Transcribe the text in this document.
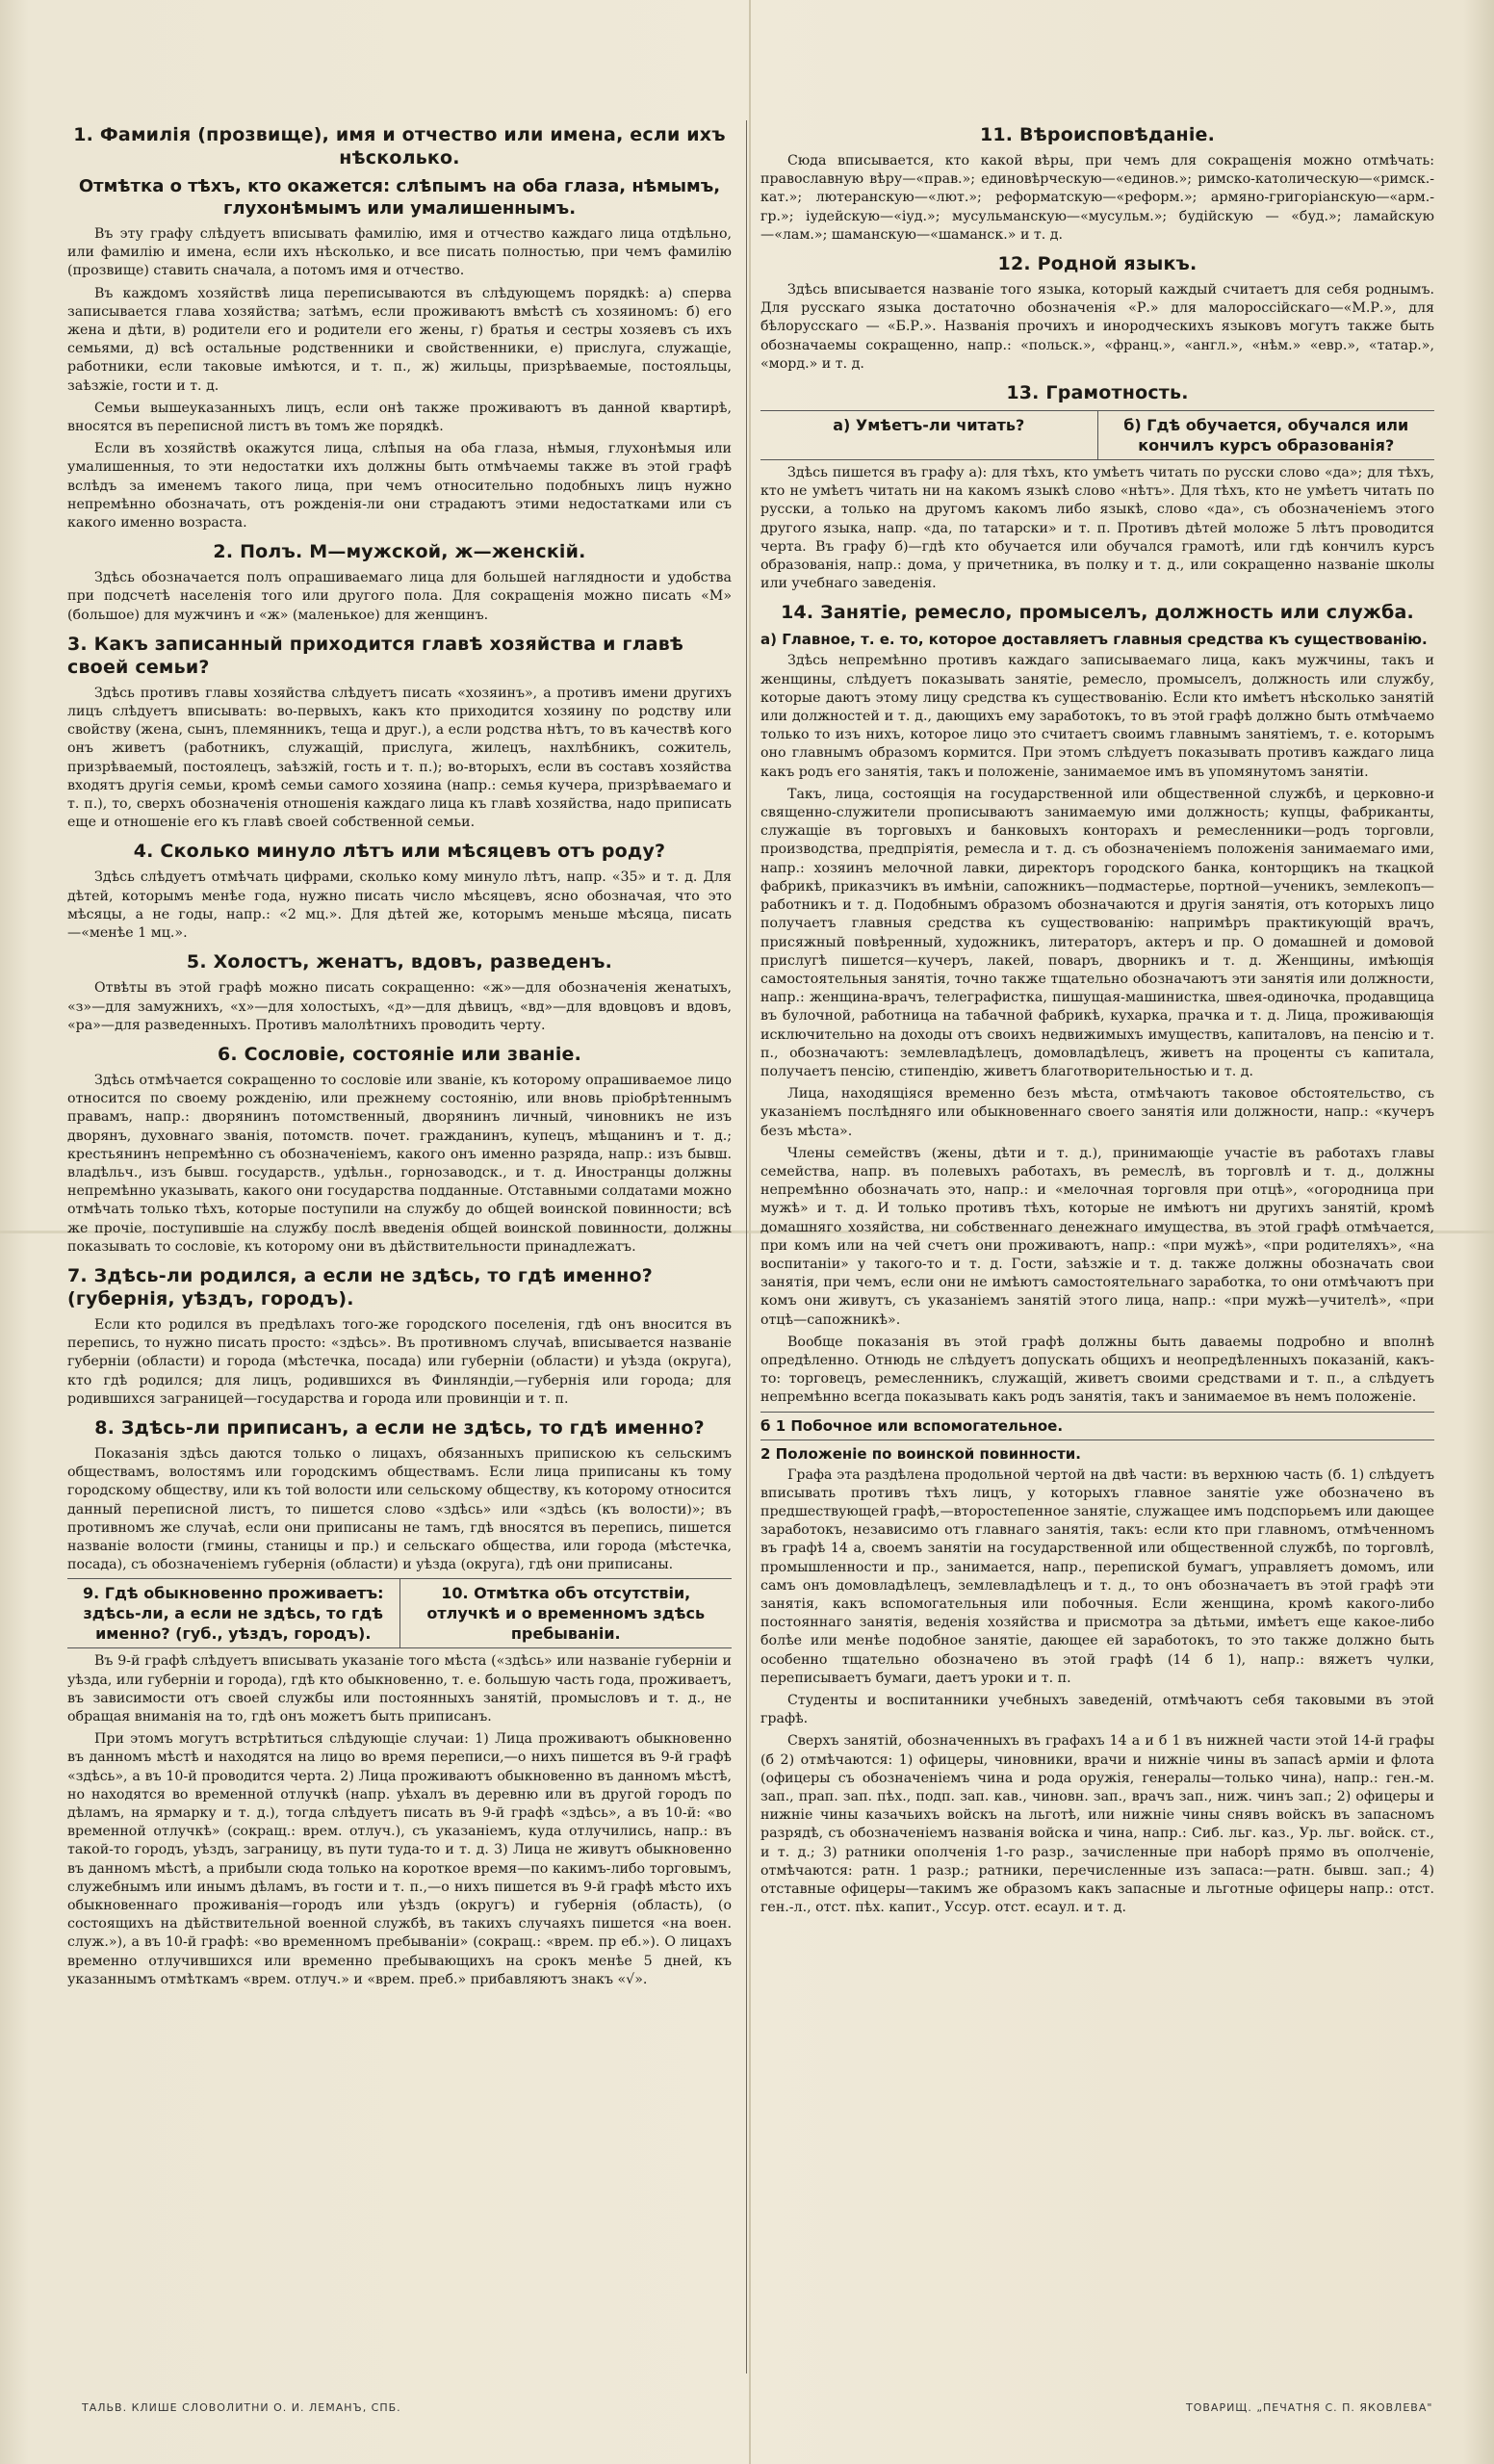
1. Фамилія (прозвище), имя и отчество или имена, если ихъ нѣсколько.
Отмѣтка о тѣхъ, кто окажется: слѣпымъ на оба глаза, нѣмымъ, глухонѣмымъ или умалишеннымъ.

Въ эту графу слѣдуетъ вписывать фамилію, имя и отчество каждаго лица отдѣльно, или фамилію и имена, если ихъ нѣсколько, и все писать полностью, при чемъ фамилію (прозвище) ставить сначала, а потомъ имя и отчество.

Въ каждомъ хозяйствѣ лица переписываются въ слѣдующемъ порядкѣ: а) сперва записывается глава хозяйства; затѣмъ, если проживаютъ вмѣстѣ съ хозяиномъ: б) его жена и дѣти, в) родители его и родители его жены, г) братья и сестры хозяевъ съ ихъ семьями, д) всѣ остальные родственники и свойственники, е) прислуга, служащіе, работники, если таковые имѣются, и т. п., ж) жильцы, призрѣваемые, постояльцы, заѣзжіе, гости и т. д.

Семьи вышеуказанныхъ лицъ, если онѣ также проживаютъ въ данной квартирѣ, вносятся въ переписной листъ въ томъ же порядкѣ.

Если въ хозяйствѣ окажутся лица, слѣпыя на оба глаза, нѣмыя, глухонѣмыя или умалишенныя, то эти недостатки ихъ должны быть отмѣчаемы также въ этой графѣ вслѣдъ за именемъ такого лица, при чемъ относительно подобныхъ лицъ нужно непремѣнно обозначать, отъ рожденія-ли они страдаютъ этими недостатками или съ какого именно возраста.

2. Полъ. М—мужской, ж—женскій.

Здѣсь обозначается полъ опрашиваемаго лица для большей наглядности и удобства при подсчетѣ населенія того или другого пола. Для сокращенія можно писать «М» (большое) для мужчинъ и «ж» (маленькое) для женщинъ.

3. Какъ записанный приходится главѣ хозяйства и главѣ своей семьи?

Здѣсь противъ главы хозяйства слѣдуетъ писать «хозяинъ», а противъ имени другихъ лицъ слѣдуетъ вписывать: во-первыхъ, какъ кто приходится хозяину по родству или свойству (жена, сынъ, племянникъ, теща и друг.), а если родства нѣтъ, то въ качествѣ кого онъ живетъ (работникъ, служащій, прислуга, жилецъ, нахлѣбникъ, сожитель, призрѣваемый, постоялецъ, заѣзжій, гость и т. п.); во-вторыхъ, если въ составъ хозяйства входятъ другія семьи, кромѣ семьи самого хозяина (напр.: семья кучера, призрѣваемаго и т. п.), то, сверхъ обозначенія отношенія каждаго лица къ главѣ хозяйства, надо приписать еще и отношеніе его къ главѣ своей собственной семьи.

4. Сколько минуло лѣтъ или мѣсяцевъ отъ роду?

Здѣсь слѣдуетъ отмѣчать цифрами, сколько кому минуло лѣтъ, напр. «35» и т. д. Для дѣтей, которымъ менѣе года, нужно писать число мѣсяцевъ, ясно обозначая, что это мѣсяцы, а не годы, напр.: «2 мц.». Для дѣтей же, которымъ меньше мѣсяца, писать—«менѣе 1 мц.».

5. Холостъ, женатъ, вдовъ, разведенъ.

Отвѣты въ этой графѣ можно писать сокращенно: «ж»—для обозначенія женатыхъ, «з»—для замужнихъ, «х»—для холостыхъ, «д»—для дѣвицъ, «вд»—для вдовцовъ и вдовъ, «ра»—для разведенныхъ. Противъ малолѣтнихъ проводить черту.

6. Сословіе, состояніе или званіе.

Здѣсь отмѣчается сокращенно то сословіе или званіе, къ которому опрашиваемое лицо относится по своему рожденію, или прежнему состоянію, или вновь пріобрѣтеннымъ правамъ, напр.: дворянинъ потомственный, дворянинъ личный, чиновникъ не изъ дворянъ, духовнаго званія, потомств. почет. гражданинъ, купецъ, мѣщанинъ и т. д.; крестьянинъ непремѣнно съ обозначеніемъ, какого онъ именно разряда, напр.: изъ бывш. владѣльч., изъ бывш. государств., удѣльн., горнозаводск., и т. д. Иностранцы должны непремѣнно указывать, какого они государства подданные. Отставными солдатами можно отмѣчать только тѣхъ, которые поступили на службу до общей воинской повинности; всѣ же прочіе, поступившіе на службу послѣ введенія общей воинской повинности, должны показывать то сословіе, къ которому они въ дѣйствительности принадлежатъ.

7. Здѣсь-ли родился, а если не здѣсь, то гдѣ именно? (губернія, уѣздъ, городъ).

Если кто родился въ предѣлахъ того-же городского поселенія, гдѣ онъ вносится въ перепись, то нужно писать просто: «здѣсь». Въ противномъ случаѣ, вписывается названіе губерніи (области) и города (мѣстечка, посада) или губерніи (области) и уѣзда (округа), кто гдѣ родился; для лицъ, родившихся въ Финляндіи,—губернія или города; для родившихся заграницей—государства и города или провинціи и т. п.

8. Здѣсь-ли приписанъ, а если не здѣсь, то гдѣ именно?

Показанія здѣсь даются только о лицахъ, обязанныхъ припискою къ сельскимъ обществамъ, волостямъ или городскимъ обществамъ. Если лица приписаны къ тому городскому обществу, или къ той волости или сельскому обществу, къ которому относится данный переписной листъ, то пишется слово «здѣсь» или «здѣсь (къ волости)»; въ противномъ же случаѣ, если они приписаны не тамъ, гдѣ вносятся въ перепись, пишется названіе волости (гмины, станицы и пр.) и сельскаго общества, или города (мѣстечка, посада), съ обозначеніемъ губернія (области) и уѣзда (округа), гдѣ они приписаны.

9. Гдѣ обыкновенно проживаетъ: здѣсь-ли, а если не здѣсь, то гдѣ именно? (губ., уѣздъ, городъ).
10. Отмѣтка объ отсутствіи, отлучкѣ и о временномъ здѣсь пребываніи.

Въ 9-й графѣ слѣдуетъ вписывать указаніе того мѣста («здѣсь» или названіе губерніи и уѣзда, или губерніи и города), гдѣ кто обыкновенно, т. е. большую часть года, проживаетъ, въ зависимости отъ своей службы или постоянныхъ занятій, промысловъ и т. д., не обращая вниманія на то, гдѣ онъ можетъ быть приписанъ.

При этомъ могутъ встрѣтиться слѣдующіе случаи: 1) Лица проживаютъ обыкновенно въ данномъ мѣстѣ и находятся на лицо во время переписи,—о нихъ пишется въ 9-й графѣ «здѣсь», а въ 10-й проводится черта. 2) Лица проживаютъ обыкновенно въ данномъ мѣстѣ, но находятся во временной отлучкѣ (напр. уѣхалъ въ деревню или въ другой городъ по дѣламъ, на ярмарку и т. д.), тогда слѣдуетъ писать въ 9-й графѣ «здѣсь», а въ 10-й: «во временной отлучкѣ» (сокращ.: врем. отлуч.), съ указаніемъ, куда отлучились, напр.: въ такой-то городъ, уѣздъ, заграницу, въ пути туда-то и т. д. 3) Лица не живутъ обыкновенно въ данномъ мѣстѣ, а прибыли сюда только на короткое время—по какимъ-либо торговымъ, служебнымъ или инымъ дѣламъ, въ гости и т. п.,—о нихъ пишется въ 9-й графѣ мѣсто ихъ обыкновеннаго проживанія—городъ или уѣздъ (округъ) и губернія (область), (о состоящихъ на дѣйствительной военной службѣ, въ такихъ случаяхъ пишется «на воен. служ.»), а въ 10-й графѣ: «во временномъ пребываніи» (сокращ.: «врем. пр еб.»). О лицахъ временно отлучившихся или временно пребывающихъ на срокъ менѣе 5 дней, къ указаннымъ отмѣткамъ «врем. отлуч.» и «врем. преб.» прибавляютъ знакъ «√».

11. Вѣроисповѣданіе.

Сюда вписывается, кто какой вѣры, при чемъ для сокращенія можно отмѣчать: православную вѣру—«прав.»; единовѣрческую—«единов.»; римско-католическую—«римск.-кат.»; лютеранскую—«лют.»; реформатскую—«реформ.»; армяно-григоріанскую—«арм.-гр.»; іудейскую—«іуд.»; мусульманскую—«мусульм.»; будійскую — «буд.»; ламайскую—«лам.»; шаманскую—«шаманск.» и т. д.

12. Родной языкъ.

Здѣсь вписывается названіе того языка, который каждый считаетъ для себя роднымъ. Для русскаго языка достаточно обозначенія «Р.» для малороссійскаго—«М.Р.», для бѣлорусскаго — «Б.Р.». Названія прочихъ и инородческихъ языковъ могутъ также быть обозначаемы сокращенно, напр.: «польск.», «франц.», «англ.», «нѣм.» «евр.», «татар.», «морд.» и т. д.

13. Грамотность.
а) Умѣетъ-ли читать?	б) Гдѣ обучается, обучался или кончилъ курсъ образованія?

Здѣсь пишется въ графу а): для тѣхъ, кто умѣетъ читать по русски слово «да»; для тѣхъ, кто не умѣетъ читать ни на какомъ языкѣ слово «нѣтъ». Для тѣхъ, кто не умѣетъ читать по русски, а только на другомъ какомъ либо языкѣ, слово «да», съ обозначеніемъ этого другого языка, напр. «да, по татарски» и т. п. Противъ дѣтей моложе 5 лѣтъ проводится черта. Въ графу б)—гдѣ кто обучается или обучался грамотѣ, или гдѣ кончилъ курсъ образованія, напр.: дома, у причетника, въ полку и т. д., или сокращенно названіе школы или учебнаго заведенія.

14. Занятіе, ремесло, промыселъ, должность или служба.
а) Главное, т. е. то, которое доставляетъ главныя средства къ существованію.

Здѣсь непремѣнно противъ каждаго записываемаго лица, какъ мужчины, такъ и женщины, слѣдуетъ показывать занятіе, ремесло, промыселъ, должность или службу, которые даютъ этому лицу средства къ существованію. Если кто имѣетъ нѣсколько занятій или должностей и т. д., дающихъ ему заработокъ, то въ этой графѣ должно быть отмѣчаемо только то изъ нихъ, которое лицо это считаетъ своимъ главнымъ занятіемъ, т. е. которымъ оно главнымъ образомъ кормится. При этомъ слѣдуетъ показывать противъ каждаго лица какъ родъ его занятія, такъ и положеніе, занимаемое имъ въ упомянутомъ занятіи.

Такъ, лица, состоящія на государственной или общественной службѣ, и церковно-и священно-служители прописываютъ занимаемую ими должность; купцы, фабриканты, служащіе въ торговыхъ и банковыхъ конторахъ и ремесленники—родъ торговли, производства, предпріятія, ремесла и т. д. съ обозначеніемъ положенія занимаемаго ими, напр.: хозяинъ мелочной лавки, директоръ городского банка, конторщикъ на ткацкой фабрикѣ, приказчикъ въ имѣніи, сапожникъ—подмастерье, портной—ученикъ, землекопъ—работникъ и т. д. Подобнымъ образомъ обозначаются и другія занятія, отъ которыхъ лицо получаетъ главныя средства къ существованію: напримѣръ практикующій врачъ, присяжный повѣренный, художникъ, литераторъ, актеръ и пр. О домашней и домовой прислугѣ пишется—кучеръ, лакей, поваръ, дворникъ и т. д. Женщины, имѣющія самостоятельныя занятія, точно также тщательно обозначаютъ эти занятія или должности, напр.: женщина-врачъ, телеграфистка, пишущая-машинистка, швея-одиночка, продавщица въ булочной, работница на табачной фабрикѣ, кухарка, прачка и т. д. Лица, проживающія исключительно на доходы отъ своихъ недвижимыхъ имуществъ, капиталовъ, на пенсію и т. п., обозначаютъ: землевладѣлецъ, домовладѣлецъ, живетъ на проценты съ капитала, получаетъ пенсію, стипендію, живетъ благотворительностью и т. д.

Лица, находящіяся временно безъ мѣста, отмѣчаютъ таковое обстоятельство, съ указаніемъ послѣдняго или обыкновеннаго своего занятія или должности, напр.: «кучеръ безъ мѣста».

Члены семействъ (жены, дѣти и т. д.), принимающіе участіе въ работахъ главы семейства, напр. въ полевыхъ работахъ, въ ремеслѣ, въ торговлѣ и т. д., должны непремѣнно обозначать это, напр.: и «мелочная торговля при отцѣ», «огородница при мужѣ» и т. д. И только противъ тѣхъ, которые не имѣютъ ни другихъ занятій, кромѣ домашняго хозяйства, ни собственнаго денежнаго имущества, въ этой графѣ отмѣчается, при комъ или на чей счетъ они проживаютъ, напр.: «при мужѣ», «при родителяхъ», «на воспитаніи» у такого-то и т. д. Гости, заѣзжіе и т. д. также должны обозначать свои занятія, при чемъ, если они не имѣютъ самостоятельнаго заработка, то они отмѣчаютъ при комъ они живутъ, съ указаніемъ занятій этого лица, напр.: «при мужѣ—учителѣ», «при отцѣ—сапожникѣ».

Вообще показанія въ этой графѣ должны быть даваемы подробно и вполнѣ опредѣленно. Отнюдь не слѣдуетъ допускать общихъ и неопредѣленныхъ показаній, какъ-то: торговецъ, ремесленникъ, служащій, живетъ своими средствами и т. п., а слѣдуетъ непремѣнно всегда показывать какъ родъ занятія, такъ и занимаемое въ немъ положеніе.

б 1 Побочное или вспомогательное.
2 Положеніе по воинской повинности.

Графа эта раздѣлена продольной чертой на двѣ части: въ верхнюю часть (б. 1) слѣдуетъ вписывать противъ тѣхъ лицъ, у которыхъ главное занятіе уже обозначено въ предшествующей графѣ,—второстепенное занятіе, служащее имъ подспорьемъ или дающее заработокъ, независимо отъ главнаго занятія, такъ: если кто при главномъ, отмѣченномъ въ графѣ 14 а, своемъ занятіи на государственной или общественной службѣ, по торговлѣ, промышленности и пр., занимается, напр., перепиской бумагъ, управляетъ домомъ, или самъ онъ домовладѣлецъ, землевладѣлецъ и т. д., то онъ обозначаетъ въ этой графѣ эти занятія, какъ вспомогательныя или побочныя. Если женщина, кромѣ какого-либо постояннаго занятія, веденія хозяйства и присмотра за дѣтьми, имѣетъ еще какое-либо болѣе или менѣе подобное занятіе, дающее ей заработокъ, то это также должно быть особенно тщательно обозначено въ этой графѣ (14 б 1), напр.: вяжетъ чулки, переписываетъ бумаги, даетъ уроки и т. п.

Студенты и воспитанники учебныхъ заведеній, отмѣчаютъ себя таковыми въ этой графѣ.

Сверхъ занятій, обозначенныхъ въ графахъ 14 а и б 1 въ нижней части этой 14-й графы (б 2) отмѣчаются: 1) офицеры, чиновники, врачи и нижніе чины въ запасѣ арміи и флота (офицеры съ обозначеніемъ чина и рода оружія, генералы—только чина), напр.: ген.-м. зап., прап. зап. пѣх., подп. зап. кав., чиновн. зап., врачъ зап., ниж. чинъ зап.; 2) офицеры и нижніе чины казачьихъ войскъ на льготѣ, или нижніе чины снявъ войскъ въ запасномъ разрядѣ, съ обозначеніемъ названія войска и чина, напр.: Сиб. льг. каз., Ур. льг. войск. ст., и т. д.; 3) ратники ополченія 1-го разр., зачисленные при наборѣ прямо въ ополченіе, отмѣчаются: ратн. 1 разр.; ратники, перечисленные изъ запаса:—ратн. бывш. зап.; 4) отставные офицеры—такимъ же образомъ какъ запасные и льготные офицеры напр.: отст. ген.-л., отст. пѣх. капит., Уссур. отст. есаул. и т. д.

ТАЛЬВ. КЛИШЕ СЛОВОЛИТНИ О. И. ЛЕМАНЪ, СПБ.	ТОВАРИЩ. „ПЕЧАТНЯ С. П. ЯКОВЛЕВА"
